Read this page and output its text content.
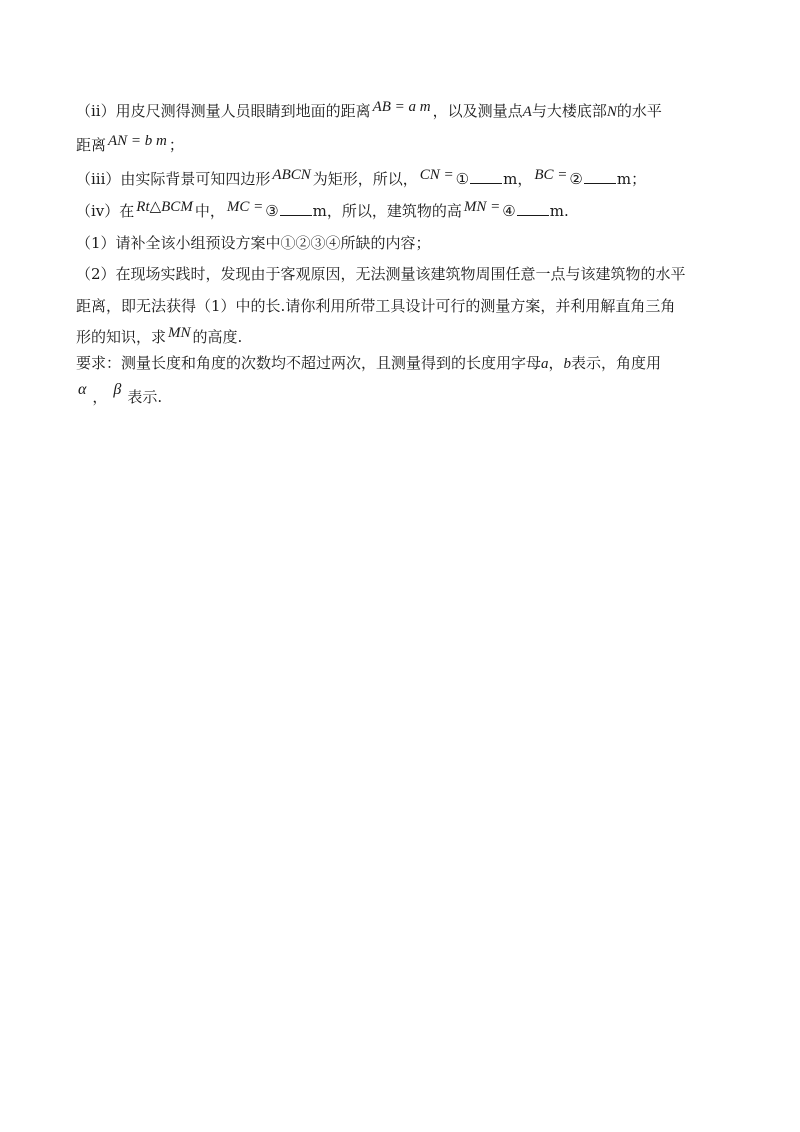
（ii）用皮尺测得测量人员眼睛到地面的距离 AB = a m ，以及测量点A与大楼底部N的水平
距离 AN = b m ；
（iii）由实际背景可知四边形 ABCN 为矩形，所以， CN = ① m， BC = ② m；
（iv）在 Rt△BCM 中， MC = ③ m，所以，建筑物的高 MN = ④ m.
（1）请补全该小组预设方案中①②③④所缺的内容；
（2）在现场实践时，发现由于客观原因，无法测量该建筑物周围任意一点与该建筑物的水平
距离，即无法获得（1）中的长.请你利用所带工具设计可行的测量方案，并利用解直角三角
形的知识，求 MN 的高度.
要求：测量长度和角度的次数均不超过两次，且测量得到的长度用字母a，b表示，角度用
α ， β 表示.
